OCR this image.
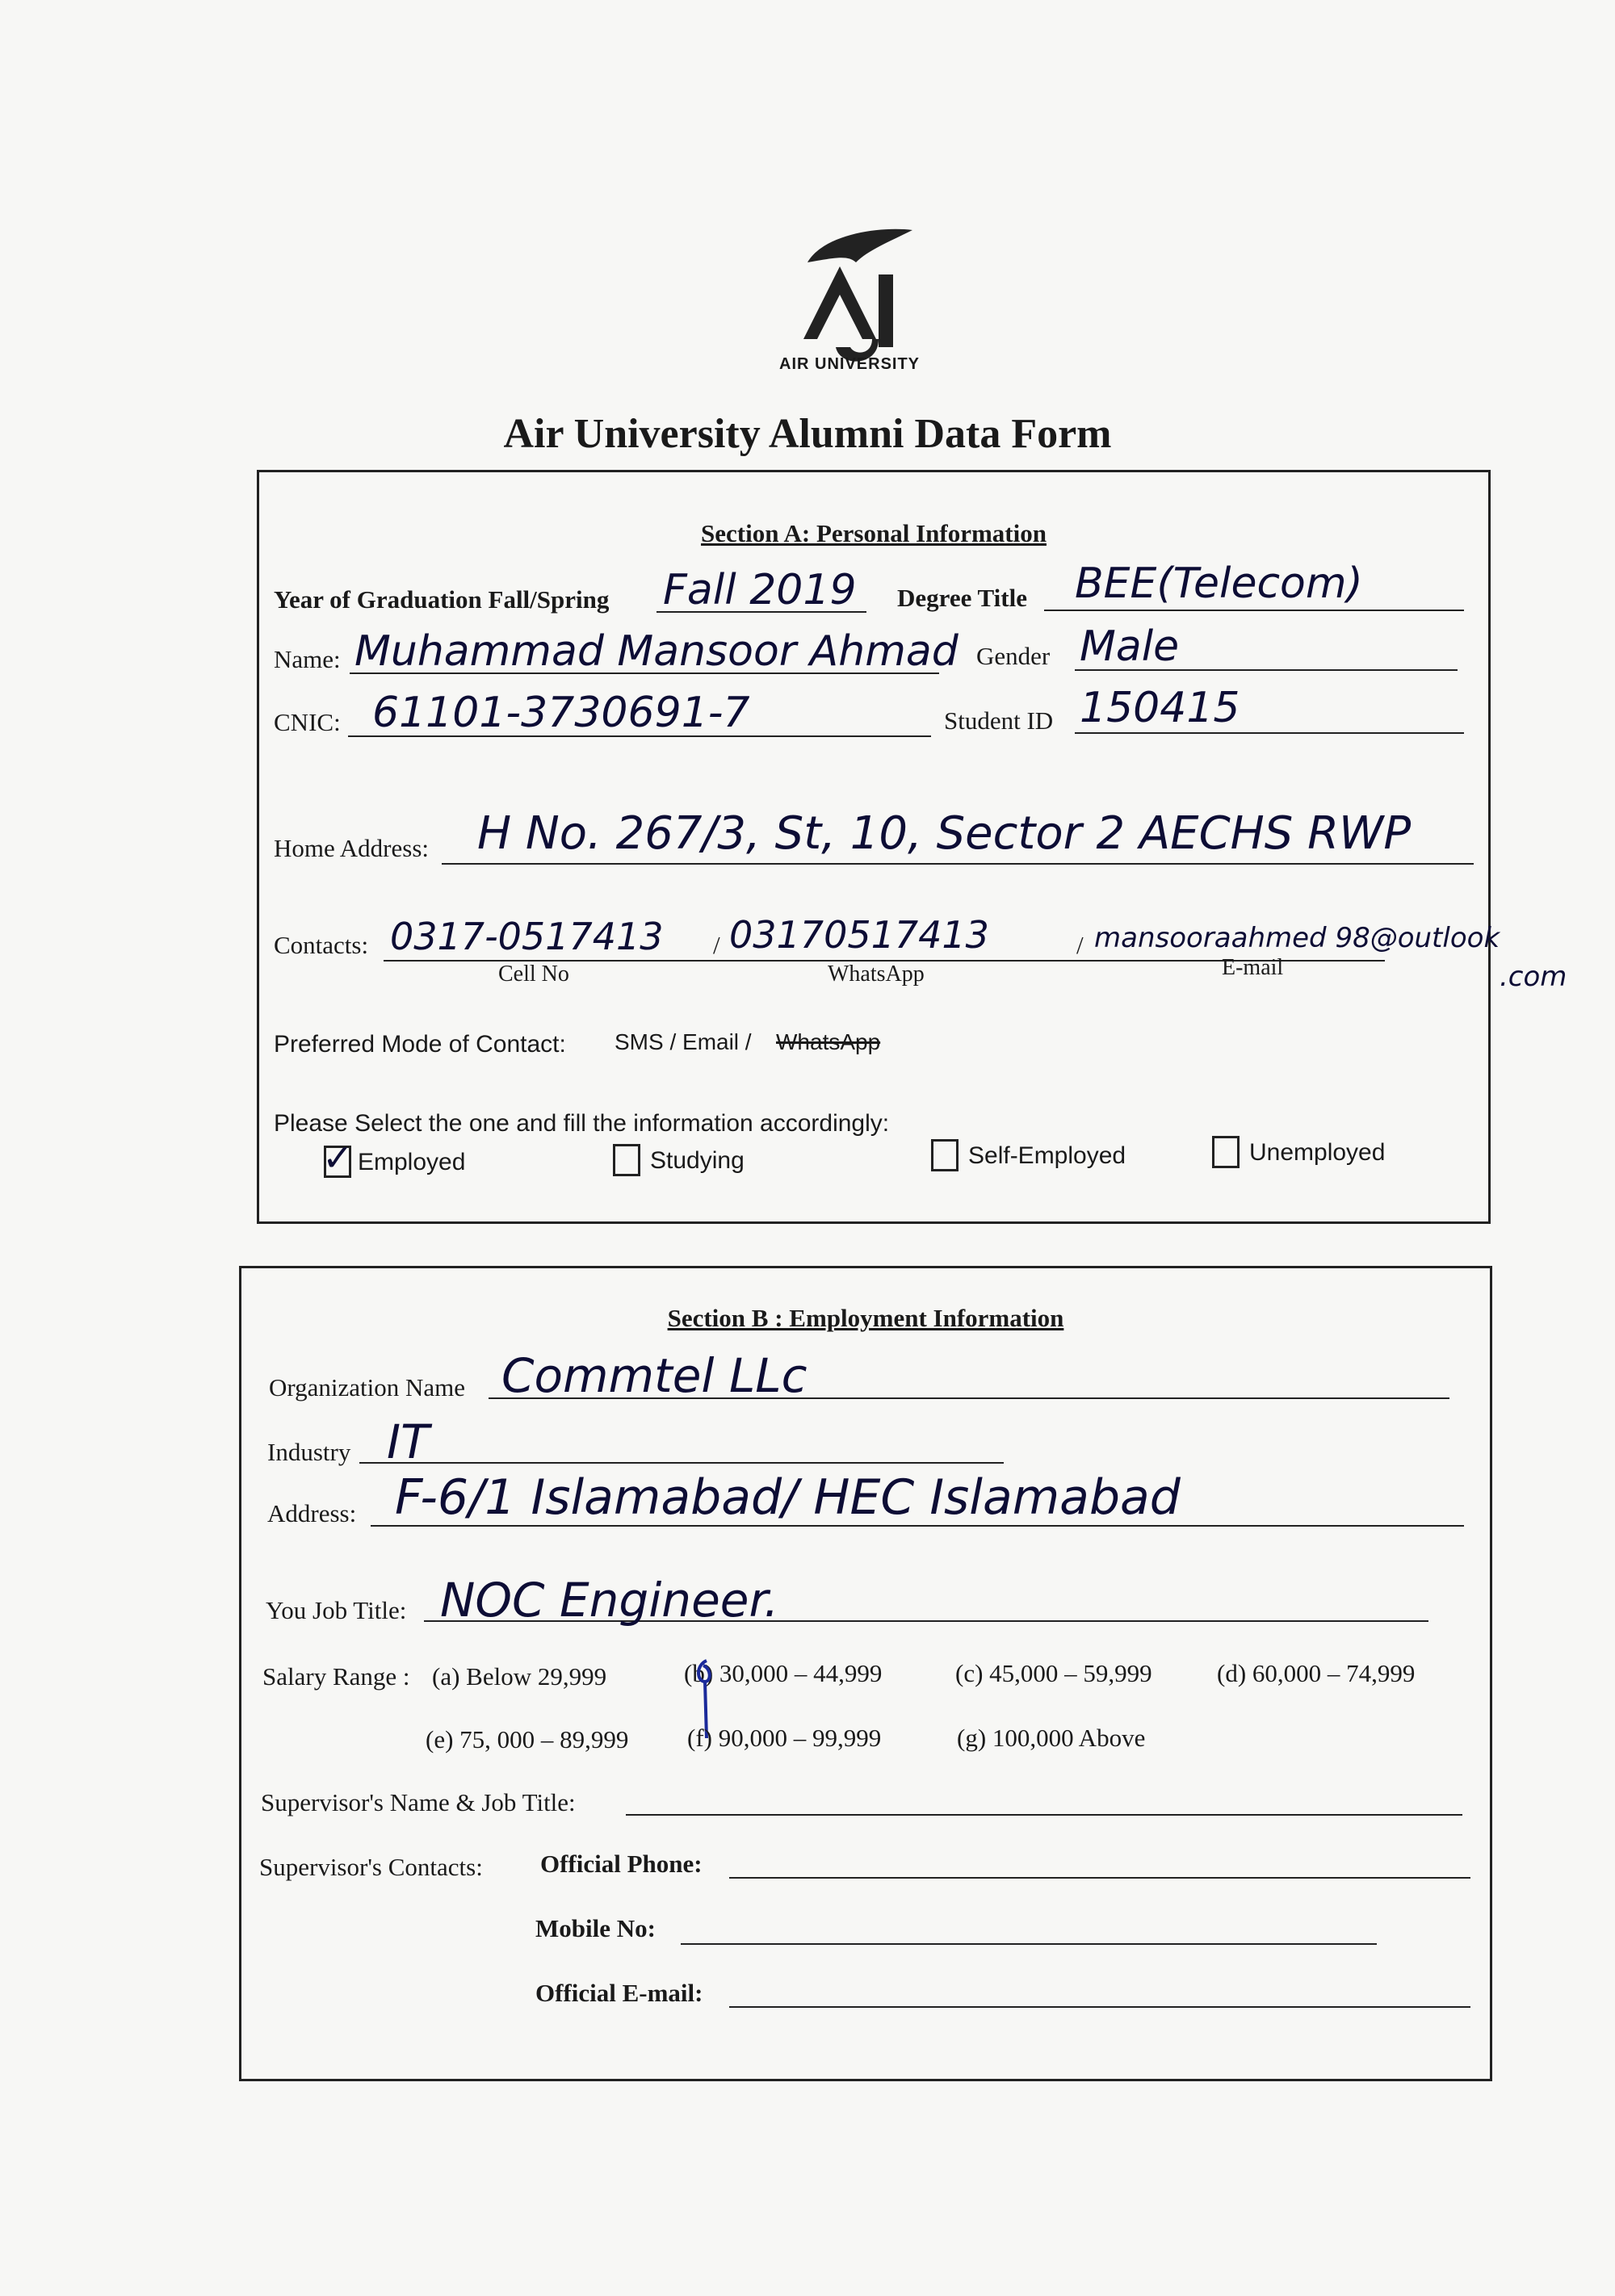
AIR UNIVERSITY
Air University Alumni Data Form
Section A: Personal Information
Year of Graduation Fall/Spring Fall 2019 Degree Title BEE(Telecom)
Name: Muhammad Mansoor Ahmad Gender Male
CNIC: 61101-3730691-7	Student ID 150415
Home Address: H No. 267/3, St, 10, Sector 2 AECHS RWP
Contacts: 0317-0517413 / 03170517413	/ mansooraahmed 98@outlook
.com
Cell No	WhatsApp	E-mail
Preferred Mode of Contact: SMS / Email / WhatsApp
Please Select the one and fill the information accordingly:
✓ Employed	Studying	Self-Employed	Unemployed
Section B : Employment Information
Organization Name Commtel LLc
Industry IT
Address: F-6/1 Islamabad/ HEC Islamabad
You Job Title: NOC Engineer.
Salary Range : (a) Below 29,999	(b) 30,000 – 44,999	(c) 45,000 – 59,999	(d) 60,000 – 74,999
(e) 75, 000 – 89,999 (f) 90,000 – 99,999	(g) 100,000 Above
Supervisor's Name & Job Title:
Supervisor's Contacts: Official Phone:
Mobile No:
Official E-mail:
